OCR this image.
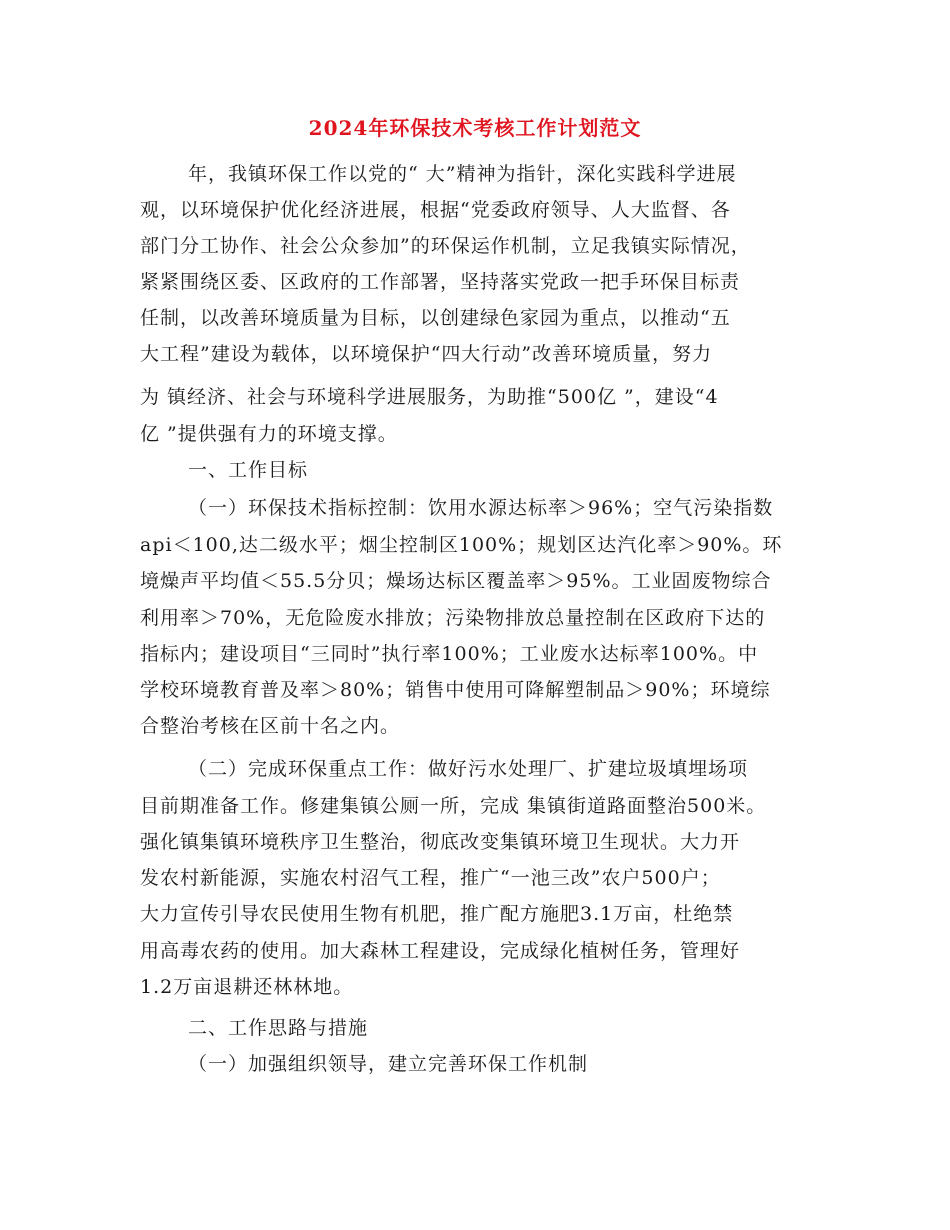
2024年环保技术考核工作计划范文
年，我镇环保工作以党的“ 大”精神为指针，深化实践科学进展
观，以环境保护优化经济进展，根据“党委政府领导、人大监督、各
部门分工协作、社会公众参加”的环保运作机制，立足我镇实际情况，
紧紧围绕区委、区政府的工作部署，坚持落实党政一把手环保目标责
任制，以改善环境质量为目标，以创建绿色家园为重点，以推动“五
大工程”建设为载体，以环境保护“四大行动”改善环境质量，努力
为 镇经济、社会与环境科学进展服务，为助推“500亿 ”，建设“4
亿 ”提供强有力的环境支撑。
一、工作目标
（一）环保技术指标控制：饮用水源达标率＞96%；空气污染指数
api＜100,达二级水平；烟尘控制区100%；规划区达汽化率＞90%。环
境燥声平均值＜55.5分贝；燥场达标区覆盖率＞95%。工业固废物综合
利用率＞70%，无危险废水排放；污染物排放总量控制在区政府下达的
指标内；建设项目“三同时”执行率100%；工业废水达标率100%。中
学校环境教育普及率＞80%；销售中使用可降解塑制品＞90%；环境综
合整治考核在区前十名之内。
（二）完成环保重点工作：做好污水处理厂、扩建垃圾填埋场项
目前期准备工作。修建集镇公厕一所，完成 集镇街道路面整治500米。
强化镇集镇环境秩序卫生整治，彻底改变集镇环境卫生现状。大力开
发农村新能源，实施农村沼气工程，推广“一池三改”农户500户；
大力宣传引导农民使用生物有机肥，推广配方施肥3.1万亩，杜绝禁
用高毒农药的使用。加大森林工程建设，完成绿化植树任务，管理好
1.2万亩退耕还林林地。
二、工作思路与措施
（一）加强组织领导，建立完善环保工作机制
